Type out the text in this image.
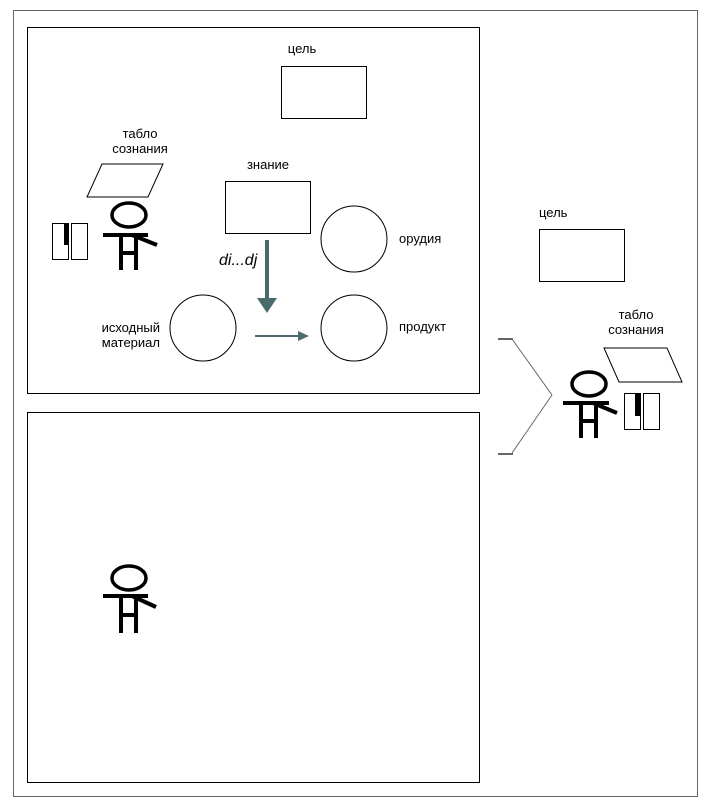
цель
табло
сознания
знание
di...dj
орудия
исходный
материал
продукт
цель
табло
сознания
